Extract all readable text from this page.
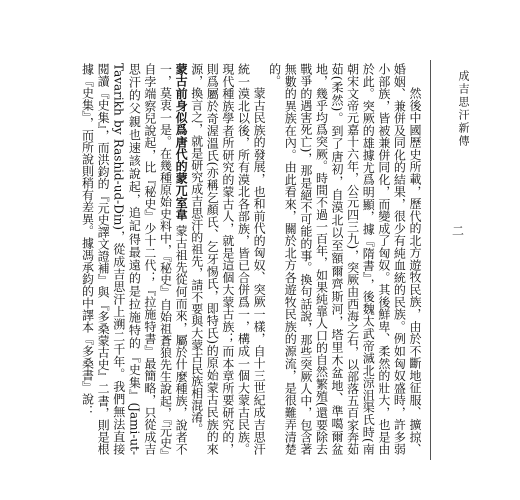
成吉思汗新傳
二
然後中國歷史所載，歷代的北方遊牧民族，由於不斷地征服、擴掠、婚姻、兼併及同化的結果，很少有純血統的民族。例如匈奴盛時，許多弱小部族，皆被兼併同化，而變成了匈奴。其後鮮卑、柔然的壯大，也是由於此。突厥的雄據尤爲明顯，據『隋書』，後魏太武帝滅北涼沮渠氏時(南朝宋文帝元嘉十六年，公元四三九)，突厥由西海之右，以部落五百家奔茹茹(柔然)。到了唐初，自漠北以至額爾齊斯河，塔里木盆地、準噶爾盆地，幾乎均爲突厥。時間不過一百年，如果純靠人口的自然繁殖(還要除去戰爭的遇害死亡)，那是絕不可能的事。換句話說，那些突厥人中，包含著無數的異族在內。由此看來，關於北方各遊牧民族的源流，是很難弄清楚的。
蒙古民族的發展，也和前代的匈奴、突厥一樣，自十三世紀成吉思汗統一漠北以後，所有漠北各部族，皆已合併爲一，構成一個大蒙古民族。現代種族學者所研究的蒙古人，就是這個大蒙古族；而本章所要研究的，則爲屬於奇渥溫氏(亦稱乞顏氏、乞牙惕氏，即特氏)的原始蒙古民族的來源，換言之，就是研究成吉思汗的祖先，請不要與大蒙古民族相混淆。
蒙古前身似爲唐代的蒙兀室韋 蒙古祖先從何而來，屬於什麼種族，說者不一，莫衷一是。在幾種原始史料中，『秘史』自始祖蒼狼先生說起，『元史』自孛端察兒說起，比『秘史』少十二代；『拉施特書』最簡略，只從成吉思汗的父親也速該說起，追記得最遠的是拉施特的『史集』(Jami-ut-Tavarikh by Rashid-ud-Din)，從成吉思汗上溯二千年。我們無法直接閱讀『史集』，而洪鈞的『元史譯文證補』與『多桑蒙古史』二書，則是根據『史集』，而所說則稍有差異。據馮承鈞的中譯本『多桑書』說：
